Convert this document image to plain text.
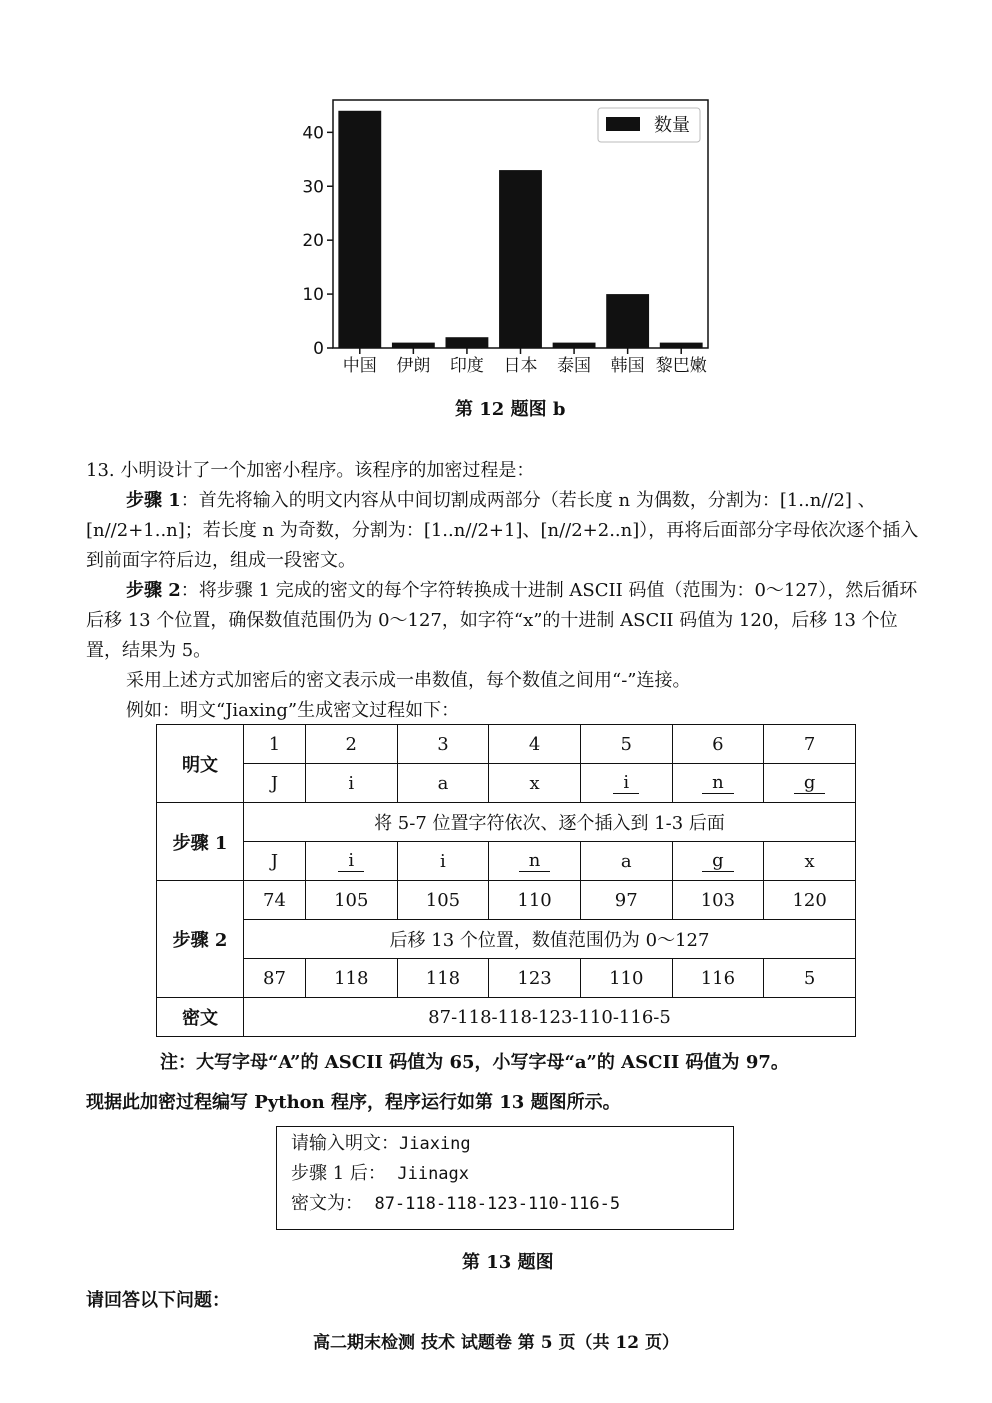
0
10
20
30
40
中国 伊朗 印度 日本 泰国 韩国 黎巴嫩
数量
第 12 题图 b
13. 小明设计了一个加密小程序。该程序的加密过程是：
步骤 1：首先将输入的明文内容从中间切割成两部分（若长度 n 为偶数，分割为：[1..n//2] 、[n//2+1..n]；若长度 n 为奇数，分割为：[1..n//2+1]、[n//2+2..n]），再将后面部分字母依次逐个插入到前面字符后边，组成一段密文。
步骤 2：将步骤 1 完成的密文的每个字符转换成十进制 ASCII 码值（范围为：0～127），然后循环后移 13 个位置，确保数值范围仍为 0～127，如字符“x”的十进制 ASCII 码值为 120，后移 13 个位置，结果为 5。
采用上述方式加密后的密文表示成一串数值，每个数值之间用“-”连接。
例如：明文“Jiaxing”生成密文过程如下：
明文	1	2	3	4	5	6	7
	J	i	a	x	i	n	g
步骤 1	将 5-7 位置字符依次、逐个插入到 1-3 后面						
	J	i	i	n	a	g	x
步骤 2	74	105	105	110	97	103	120
	后移 13 个位置，数值范围仍为 0～127						
	87	118	118	123	110	116	5
密文	87-118-118-123-110-116-5						
注：大写字母“A”的 ASCII 码值为 65，小写字母“a”的 ASCII 码值为 97。
现据此加密过程编写 Python 程序，程序运行如第 13 题图所示。
请输入明文：Jiaxing
步骤 1 后： Jiinagx
密文为： 87-118-118-123-110-116-5
第 13 题图
请回答以下问题：
高二期末检测 技术 试题卷 第 5 页（共 12 页）
